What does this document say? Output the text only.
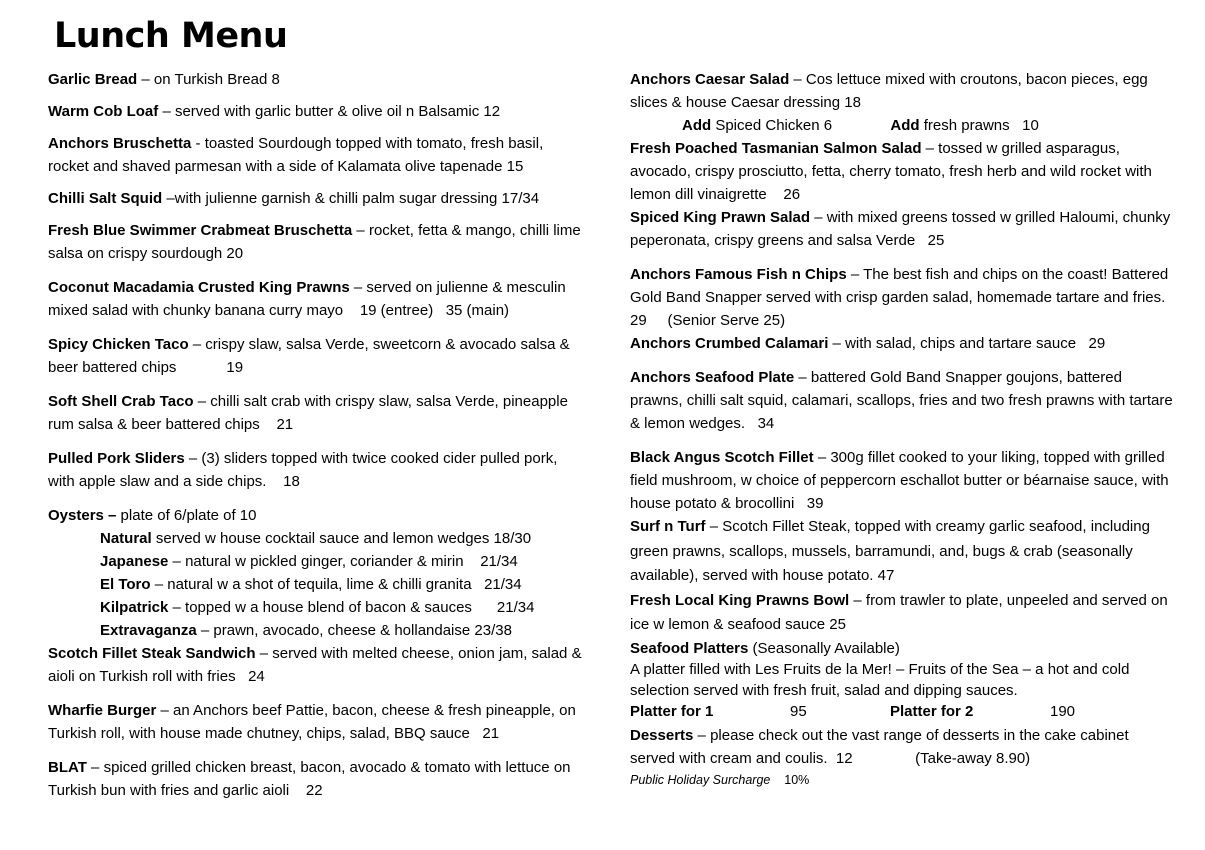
Lunch Menu

Garlic Bread – on Turkish Bread 8

Warm Cob Loaf – served with garlic butter & olive oil n Balsamic 12

Anchors Bruschetta - toasted Sourdough topped with tomato, fresh basil, rocket and shaved parmesan with a side of Kalamata olive tapenade 15

Chilli Salt Squid –with julienne garnish & chilli palm sugar dressing 17/34

Fresh Blue Swimmer Crabmeat Bruschetta – rocket, fetta & mango, chilli lime salsa on crispy sourdough 20

Coconut Macadamia Crusted King Prawns – served on julienne & mesculin mixed salad with chunky banana curry mayo    19 (entree)   35 (main)

Spicy Chicken Taco – crispy slaw, salsa Verde, sweetcorn & avocado salsa & beer battered chips            19

Soft Shell Crab Taco – chilli salt crab with crispy slaw, salsa Verde, pineapple rum salsa & beer battered chips    21

Pulled Pork Sliders – (3) sliders topped with twice cooked cider pulled pork, with apple slaw and a side chips.    18

Oysters – plate of 6/plate of 10

Natural served w house cocktail sauce and lemon wedges 18/30

Japanese – natural w pickled ginger, coriander & mirin    21/34

El Toro – natural w a shot of tequila, lime & chilli granita   21/34

Kilpatrick – topped w a house blend of bacon & sauces      21/34

Extravaganza – prawn, avocado, cheese & hollandaise 23/38

Scotch Fillet Steak Sandwich – served with melted cheese, onion jam, salad & aioli on Turkish roll with fries   24

Wharfie Burger – an Anchors beef Pattie, bacon, cheese & fresh pineapple, on Turkish roll, with house made chutney, chips, salad, BBQ sauce   21

BLAT – spiced grilled chicken breast, bacon, avocado & tomato with lettuce on Turkish bun with fries and garlic aioli    22

Anchors Caesar Salad – Cos lettuce mixed with croutons, bacon pieces, egg slices & house Caesar dressing 18

Add Spiced Chicken 6              Add fresh prawns   10

Fresh Poached Tasmanian Salmon Salad – tossed w grilled asparagus, avocado, crispy prosciutto, fetta, cherry tomato, fresh herb and wild rocket with lemon dill vinaigrette    26

Spiced King Prawn Salad – with mixed greens tossed w grilled Haloumi, chunky peperonata, crispy greens and salsa Verde   25

Anchors Famous Fish n Chips – The best fish and chips on the coast! Battered Gold Band Snapper served with crisp garden salad, homemade tartare and fries.    29     (Senior Serve 25)

Anchors Crumbed Calamari – with salad, chips and tartare sauce   29

Anchors Seafood Plate – battered Gold Band Snapper goujons, battered prawns, chilli salt squid, calamari, scallops, fries and two fresh prawns with tartare & lemon wedges.   34

Black Angus Scotch Fillet – 300g fillet cooked to your liking, topped with grilled field mushroom, w choice of peppercorn eschallot butter or béarnaise sauce, with house potato & brocollini   39

Surf n Turf – Scotch Fillet Steak, topped with creamy garlic seafood, including green prawns, scallops, mussels, barramundi, and, bugs & crab (seasonally available), served with house potato. 47

Fresh Local King Prawns Bowl – from trawler to plate, unpeeled and served on ice w lemon & seafood sauce 25

Seafood Platters (Seasonally Available)

A platter filled with Les Fruits de la Mer! – Fruits of the Sea – a hot and cold selection served with fresh fruit, salad and dipping sauces.

Platter for 1	95	Platter for 2	190

Desserts – please check out the vast range of desserts in the cake cabinet served with cream and coulis.  12               (Take-away 8.90)

Public Holiday Surcharge 10%
